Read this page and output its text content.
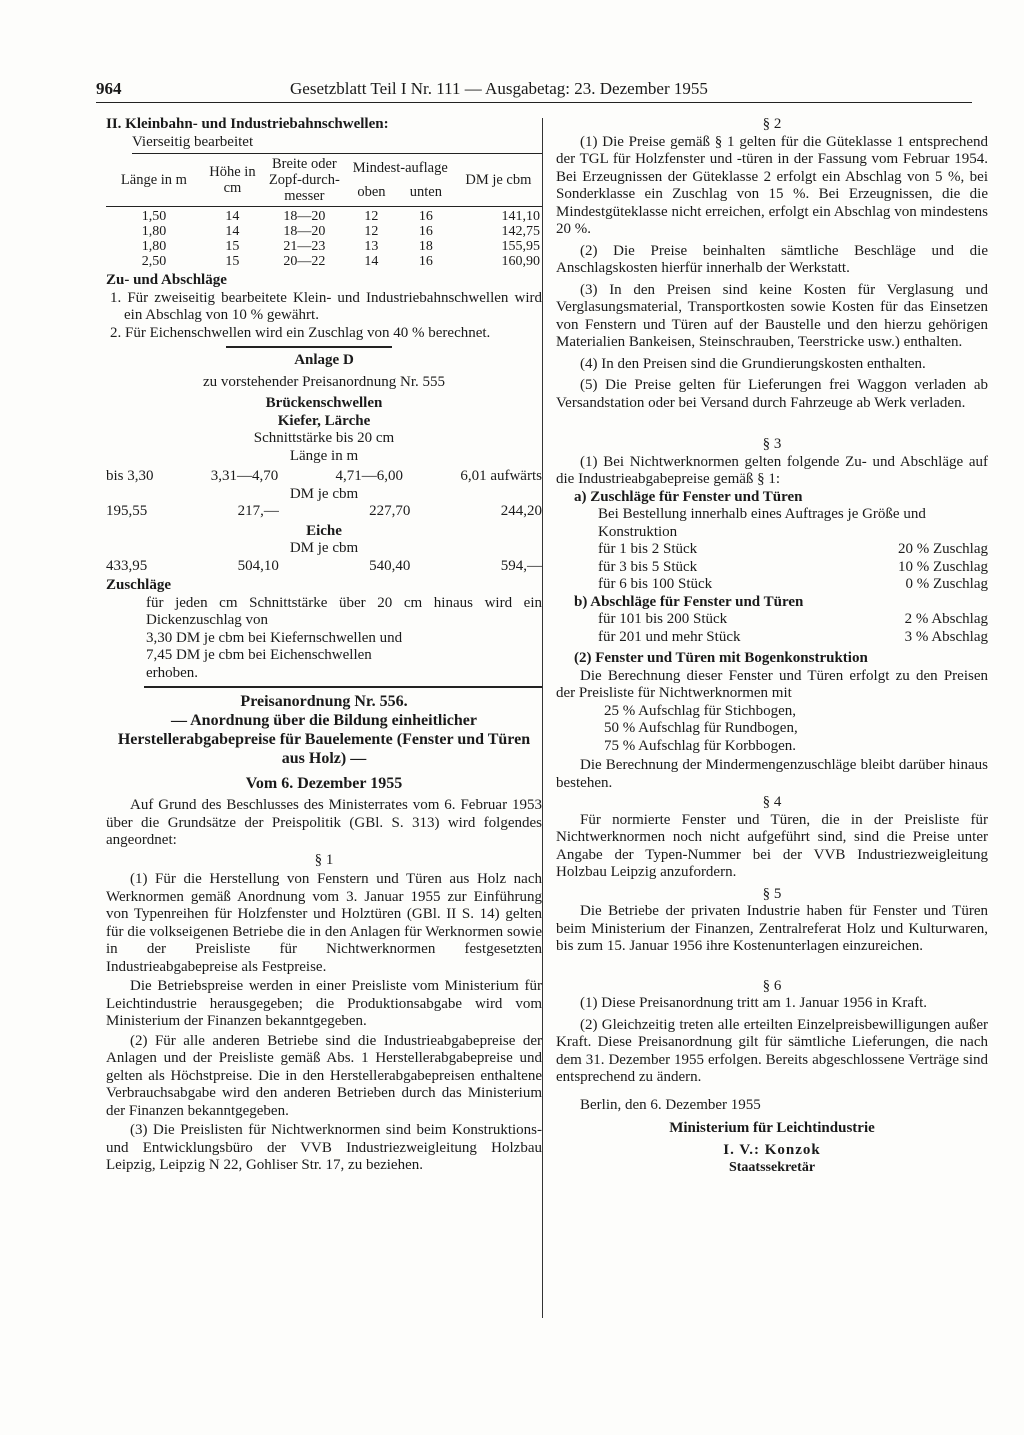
964	Gesetzblatt Teil I Nr. 111 — Ausgabetag: 23. Dezember 1955

II. Kleinbahn- und Industriebahnschwellen:

Vierseitig bearbeitet

Länge in m	Höhe in cm	Breite oder Zopf-durch-messer	Mindest-auflage		DM je cbm
			oben	unten	

1,50	14	18—20	12	16	141,10
1,80	14	18—20	12	16	142,75
1,80	15	21—23	13	18	155,95
2,50	15	20—22	14	16	160,90

Zu- und Abschläge

1. Für zweiseitig bearbeitete Klein- und Industriebahnschwellen wird ein Abschlag von 10 % gewährt.

2. Für Eichenschwellen wird ein Zuschlag von 40 % berechnet.

Anlage D

zu vorstehender Preisanordnung Nr. 555

Brückenschwellen

Kiefer, Lärche

Schnittstärke bis 20 cm

Länge in m

bis 3,30	3,31—4,70	4,71—6,00	6,01 aufwärts

DM je cbm

195,55	217,—	227,70	244,20

Eiche

DM je cbm

433,95	504,10	540,40	594,—

Zuschläge

für jeden cm Schnittstärke über 20 cm hinaus wird ein Dickenzuschlag von

3,30 DM je cbm bei Kiefernschwellen und

7,45 DM je cbm bei Eichenschwellen

erhoben.

Preisanordnung Nr. 556.

— Anordnung über die Bildung einheitlicher Herstellerabgabepreise für Bauelemente (Fenster und Türen aus Holz) —

Vom 6. Dezember 1955

Auf Grund des Beschlusses des Ministerrates vom 6. Februar 1953 über die Grundsätze der Preispolitik (GBl. S. 313) wird folgendes angeordnet:

§ 1

(1) Für die Herstellung von Fenstern und Türen aus Holz nach Werknormen gemäß Anordnung vom 3. Januar 1955 zur Einführung von Typenreihen für Holzfenster und Holztüren (GBl. II S. 14) gelten für die volkseigenen Betriebe die in den Anlagen für Werknormen sowie in der Preisliste für Nichtwerknormen festgesetzten Industrieabgabepreise als Festpreise.

Die Betriebspreise werden in einer Preisliste vom Ministerium für Leichtindustrie herausgegeben; die Produktionsabgabe wird vom Ministerium der Finanzen bekanntgegeben.

(2) Für alle anderen Betriebe sind die Industrieabgabepreise der Anlagen und der Preisliste gemäß Abs. 1 Herstellerabgabepreise und gelten als Höchstpreise. Die in den Herstellerabgabepreisen enthaltene Verbrauchsabgabe wird den anderen Betrieben durch das Ministerium der Finanzen bekanntgegeben.

(3) Die Preislisten für Nichtwerknormen sind beim Konstruktions- und Entwicklungsbüro der VVB Industriezweigleitung Holzbau Leipzig, Leipzig N 22, Gohliser Str. 17, zu beziehen.

§ 2

(1) Die Preise gemäß § 1 gelten für die Güteklasse 1 entsprechend der TGL für Holzfenster und -türen in der Fassung vom Februar 1954. Bei Erzeugnissen der Güteklasse 2 erfolgt ein Abschlag von 5 %, bei Sonderklasse ein Zuschlag von 15 %. Bei Erzeugnissen, die die Mindestgüteklasse nicht erreichen, erfolgt ein Abschlag von mindestens 20 %.

(2) Die Preise beinhalten sämtliche Beschläge und die Anschlagskosten hierfür innerhalb der Werkstatt.

(3) In den Preisen sind keine Kosten für Verglasung und Verglasungsmaterial, Transportkosten sowie Kosten für das Einsetzen von Fenstern und Türen auf der Baustelle und den hierzu gehörigen Materialien Bankeisen, Steinschrauben, Teerstricke usw.) enthalten.

(4) In den Preisen sind die Grundierungskosten enthalten.

(5) Die Preise gelten für Lieferungen frei Waggon verladen ab Versandstation oder bei Versand durch Fahrzeuge ab Werk verladen.

§ 3

(1) Bei Nichtwerknormen gelten folgende Zu- und Abschläge auf die Industrieabgabepreise gemäß § 1:

a) Zuschläge für Fenster und Türen

Bei Bestellung innerhalb eines Auftrages je Größe und Konstruktion

für 1 bis 2 Stück	20 % Zuschlag
für 3 bis 5 Stück	10 % Zuschlag
für 6 bis 100 Stück	0 % Zuschlag

b) Abschläge für Fenster und Türen

für 101 bis 200 Stück	2 % Abschlag
für 201 und mehr Stück	3 % Abschlag

(2) Fenster und Türen mit Bogenkonstruktion

Die Berechnung dieser Fenster und Türen erfolgt zu den Preisen der Preisliste für Nichtwerknormen mit

25 % Aufschlag für Stichbogen,

50 % Aufschlag für Rundbogen,

75 % Aufschlag für Korbbogen.

Die Berechnung der Mindermengenzuschläge bleibt darüber hinaus bestehen.

§ 4

Für normierte Fenster und Türen, die in der Preisliste für Nichtwerknormen noch nicht aufgeführt sind, sind die Preise unter Angabe der Typen-Nummer bei der VVB Industriezweigleitung Holzbau Leipzig anzufordern.

§ 5

Die Betriebe der privaten Industrie haben für Fenster und Türen beim Ministerium der Finanzen, Zentralreferat Holz und Kulturwaren, bis zum 15. Januar 1956 ihre Kostenunterlagen einzureichen.

§ 6

(1) Diese Preisanordnung tritt am 1. Januar 1956 in Kraft.

(2) Gleichzeitig treten alle erteilten Einzelpreisbewilligungen außer Kraft. Diese Preisanordnung gilt für sämtliche Lieferungen, die nach dem 31. Dezember 1955 erfolgen. Bereits abgeschlossene Verträge sind entsprechend zu ändern.

Berlin, den 6. Dezember 1955

Ministerium für Leichtindustrie

I. V.: Konzok

Staatssekretär
